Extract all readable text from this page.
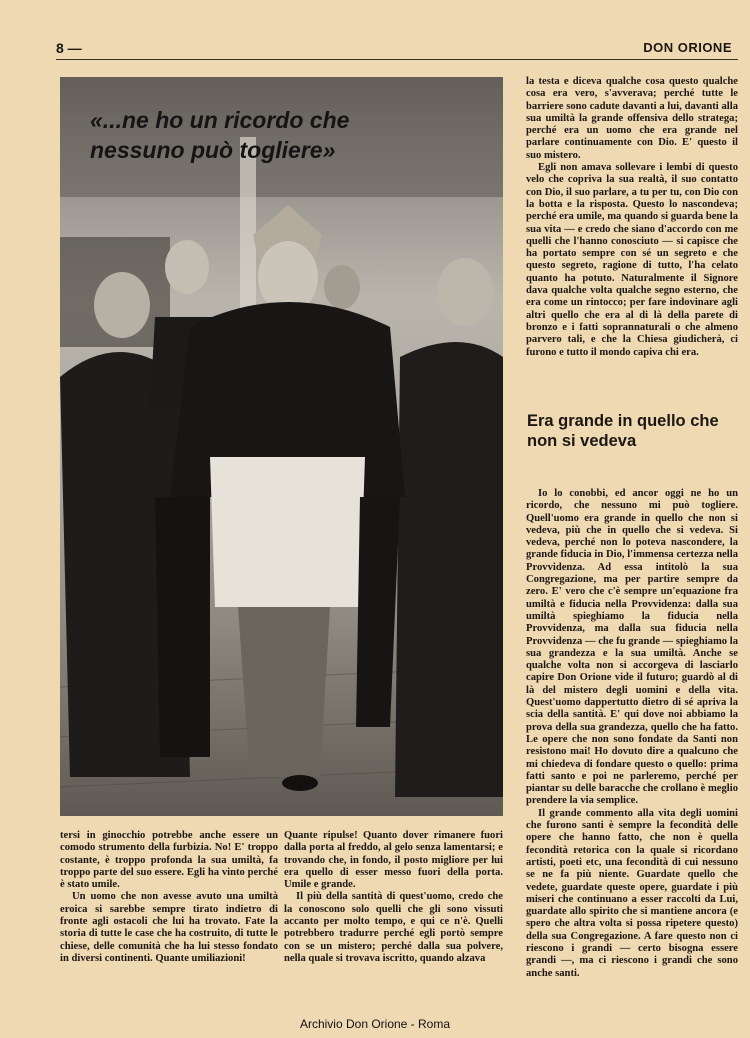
8 —	DON ORIONE
«...ne ho un ricordo che nessuno può togliere»

tersi in ginocchio potrebbe anche essere un comodo strumento della furbizia. No! E' troppo costante, è troppo profonda la sua umiltà, fa troppo parte del suo essere. Egli ha vinto perché è stato umile.

Un uomo che non avesse avuto una umiltà eroica si sarebbe sempre tirato indietro di fronte agli ostacoli che lui ha trovato. Fate la storia di tutte le case che ha costruito, di tutte le chiese, delle comunità che ha lui stesso fondato in diversi continenti. Quante umiliazioni!

Quante ripulse! Quanto dover rimanere fuori dalla porta al freddo, al gelo senza lamentarsi; e trovando che, in fondo, il posto migliore per lui era quello di esser messo fuori della porta. Umile e grande.

Il più della santità di quest'uomo, credo che la conoscono solo quelli che gli sono vissuti accanto per molto tempo, e qui ce n'è. Quelli potrebbero tradurre perché egli portò sempre con se un mistero; perché dalla sua polvere, nella quale si trovava iscritto, quando alzava

la testa e diceva qualche cosa questo qualche cosa era vero, s'avverava; perché tutte le barriere sono cadute davanti a lui, davanti alla sua umiltà la grande offensiva dello stratega; perché era un uomo che era grande nel parlare continuamente con Dio. E' questo il suo mistero.

Egli non amava sollevare i lembi di questo velo che copriva la sua realtà, il suo contatto con Dio, il suo parlare, a tu per tu, con Dio con la botta e la risposta. Questo lo nascondeva; perché era umile, ma quando si guarda bene la sua vita — e credo che siano d'accordo con me quelli che l'hanno conosciuto — si capisce che ha portato sempre con sé un segreto e che questo segreto, ragione di tutto, l'ha celato quanto ha potuto. Naturalmente il Signore dava qualche volta qualche segno esterno, che era come un rintocco; per fare indovinare agli altri quello che era al di là della parete di bronzo e i fatti soprannaturali o che almeno parvero tali, e che la Chiesa giudicherà, ci furono e tutto il mondo capiva chi era.

Era grande in quello che non si vedeva

Io lo conobbi, ed ancor oggi ne ho un ricordo, che nessuno mi può togliere. Quell'uomo era grande in quello che non si vedeva, più che in quello che si vedeva. Si vedeva, perché non lo poteva nascondere, la grande fiducia in Dio, l'immensa certezza nella Provvidenza. Ad essa intitolò la sua Congregazione, ma per partire sempre da zero. E' vero che c'è sempre un'equazione fra umiltà e fiducia nella Provvidenza: dalla sua umiltà spieghiamo la fiducia nella Provvidenza, ma dalla sua fiducia nella Provvidenza — che fu grande — spieghiamo la sua grandezza e la sua umiltà. Anche se qualche volta non si accorgeva di lasciarlo capire Don Orione vide il futuro; guardò al di là del mistero degli uomini e della vita. Quest'uomo dappertutto dietro di sé apriva la scia della santità. E' qui dove noi abbiamo la prova della sua grandezza, quello che ha fatto. Le opere che non sono fondate da Santi non resistono mai! Ho dovuto dire a qualcuno che mi chiedeva di fondare questo o quello: prima fatti santo e poi ne parleremo, perché per piantar su delle baracche che crollano è meglio prendere la via semplice.

Il grande commento alla vita degli uomini che furono santi è sempre la fecondità delle opere che hanno fatto, che non è quella fecondità retorica con la quale si ricordano artisti, poeti etc, una fecondità di cui nessuno se ne fa più niente. Guardate quello che vedete, guardate queste opere, guardate i più miseri che continuano a esser raccolti da Lui, guardate allo spirito che si mantiene ancora (e spero che altra volta si possa ripetere questo) della sua Congregazione. A fare questo non ci riescono i grandi — certo bisogna essere grandi —, ma ci riescono i grandi che sono anche santi.

Archivio Don Orione - Roma
